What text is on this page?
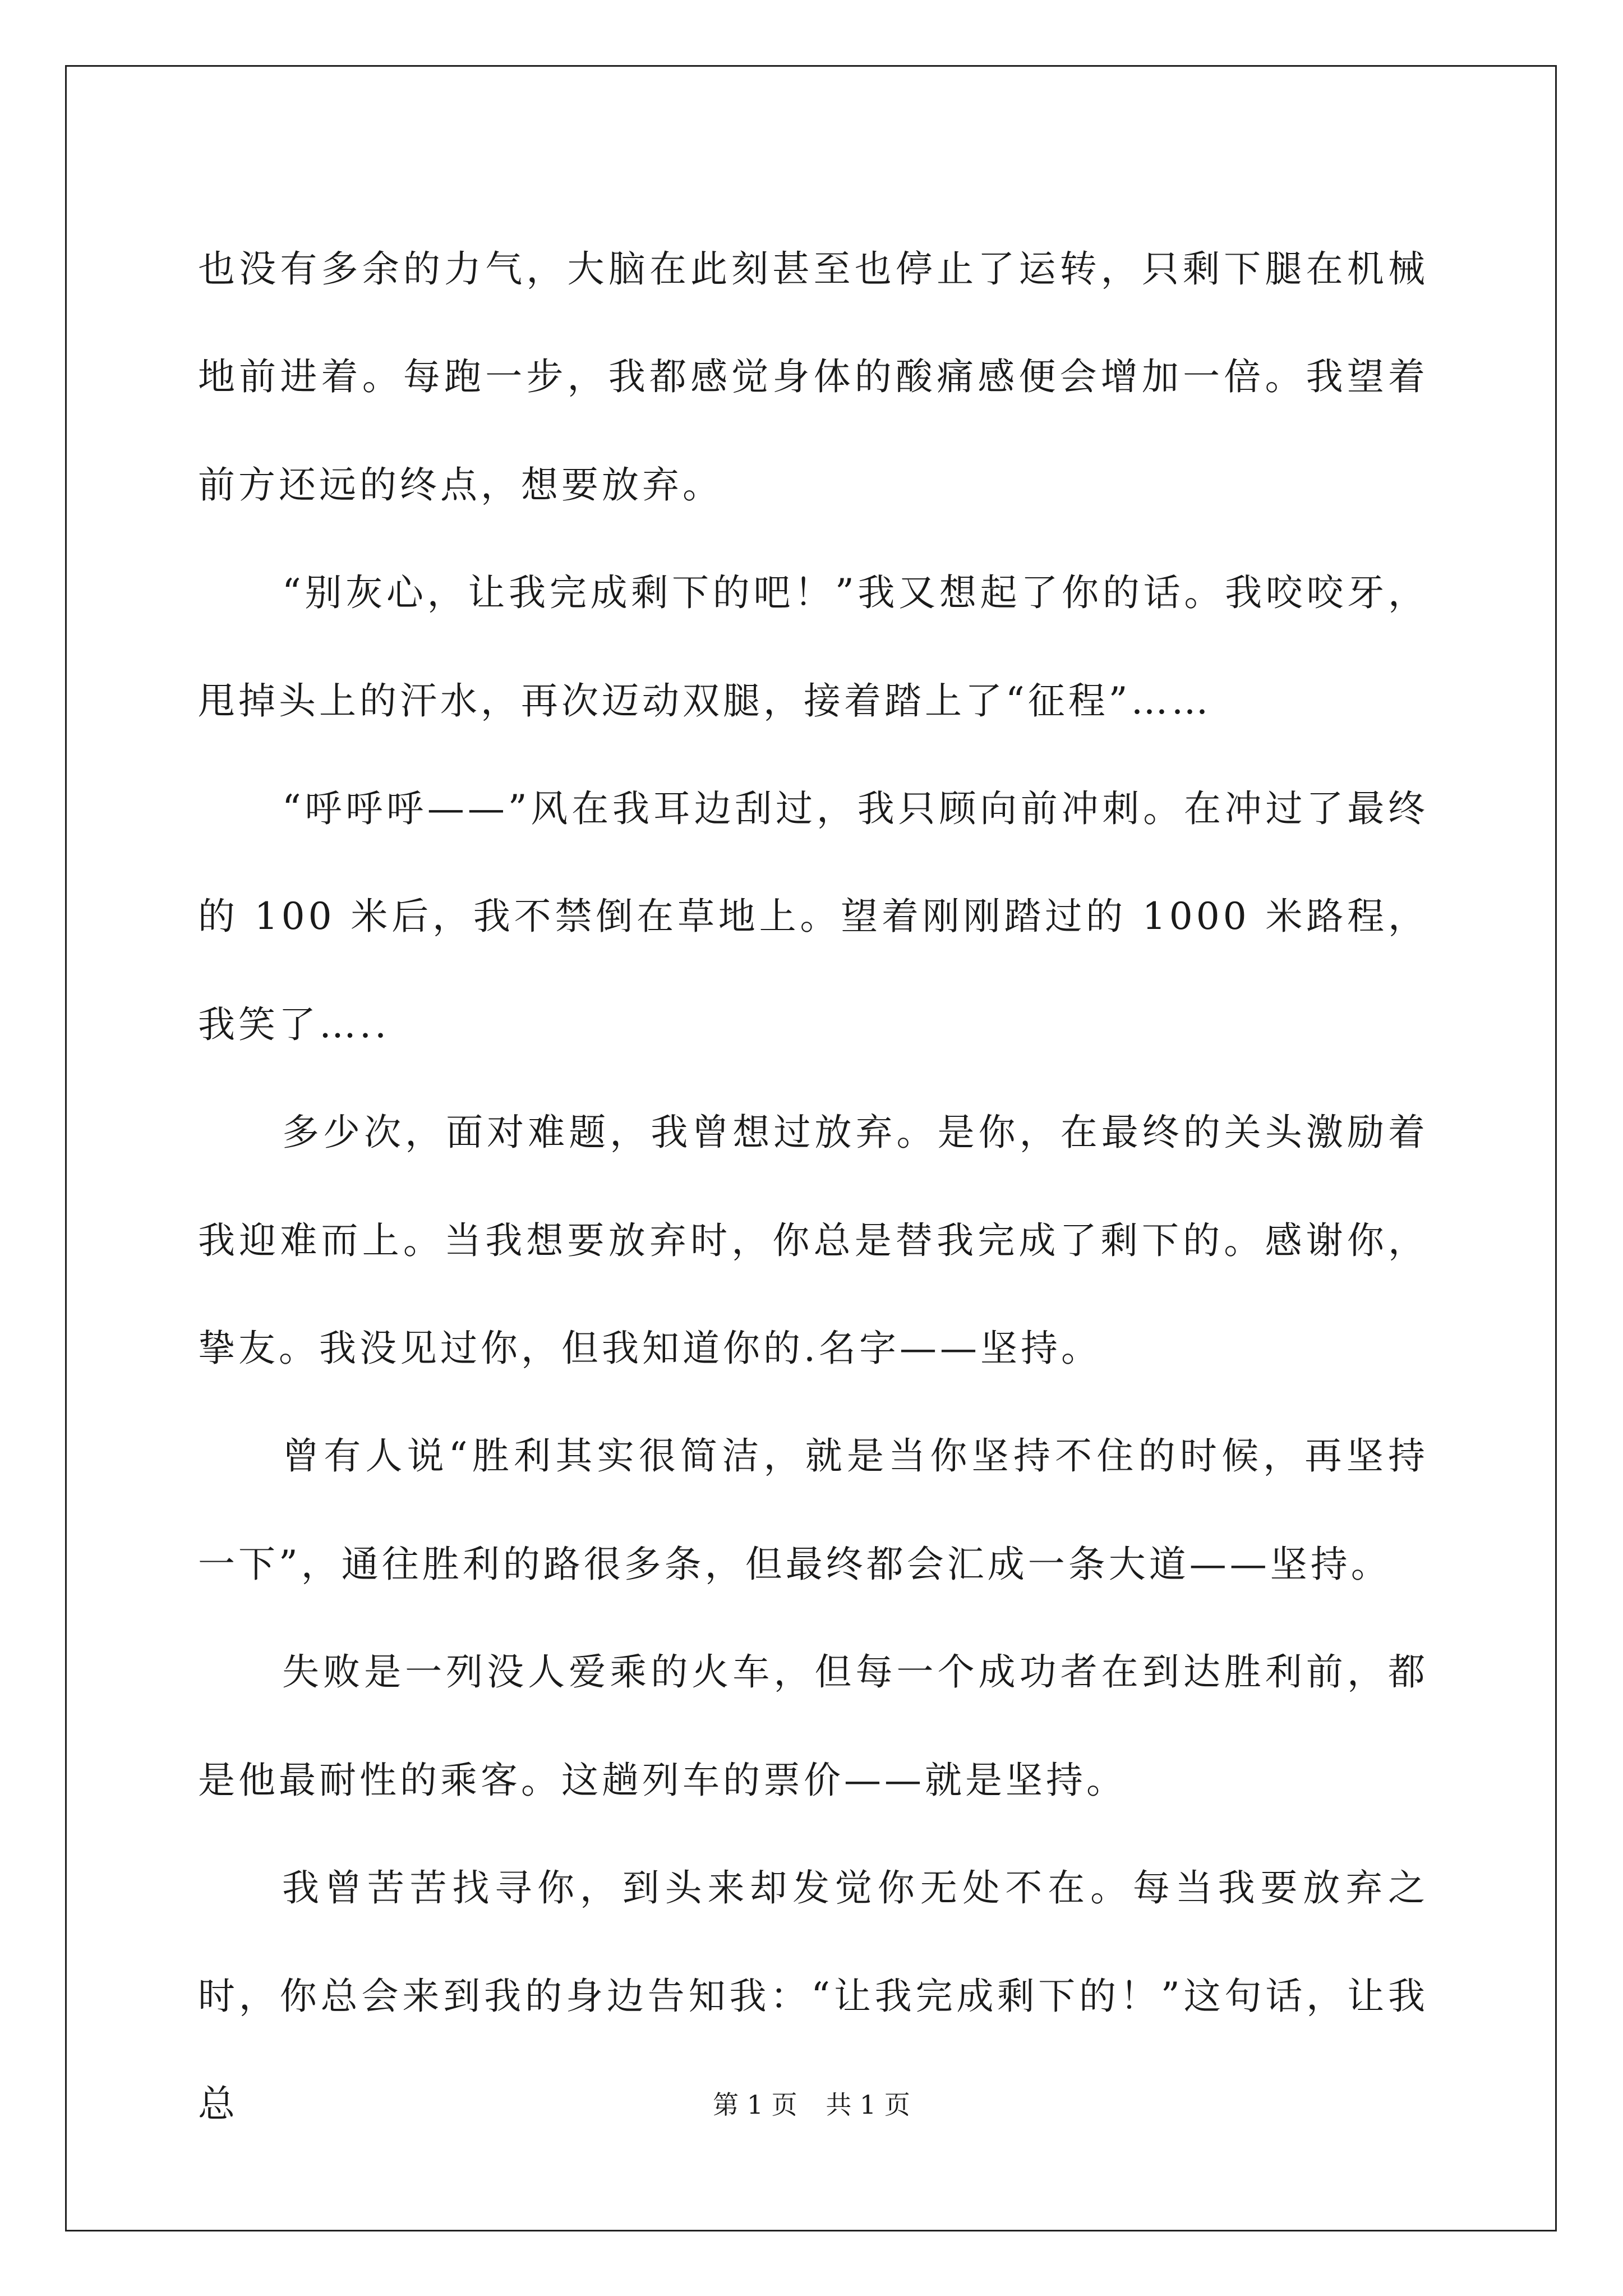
也没有多余的力气，大脑在此刻甚至也停止了运转，只剩下腿在机械地前进着。每跑一步，我都感觉身体的酸痛感便会增加一倍。我望着前方还远的终点，想要放弃。

“别灰心，让我完成剩下的吧！”我又想起了你的话。我咬咬牙，甩掉头上的汗水，再次迈动双腿，接着踏上了“征程”……

“呼呼呼——”风在我耳边刮过，我只顾向前冲刺。在冲过了最终的 100 米后，我不禁倒在草地上。望着刚刚踏过的 1000 米路程，我笑了…..

多少次，面对难题，我曾想过放弃。是你，在最终的关头激励着我迎难而上。当我想要放弃时，你总是替我完成了剩下的。感谢你，挚友。我没见过你，但我知道你的.名字——坚持。

曾有人说“胜利其实很简洁，就是当你坚持不住的时候，再坚持一下”，通往胜利的路很多条，但最终都会汇成一条大道——坚持。

失败是一列没人爱乘的火车，但每一个成功者在到达胜利前，都是他最耐性的乘客。这趟列车的票价——就是坚持。

我曾苦苦找寻你，到头来却发觉你无处不在。每当我要放弃之时，你总会来到我的身边告知我：“让我完成剩下的！”这句话，让我总	第 1 页 共 1 页
